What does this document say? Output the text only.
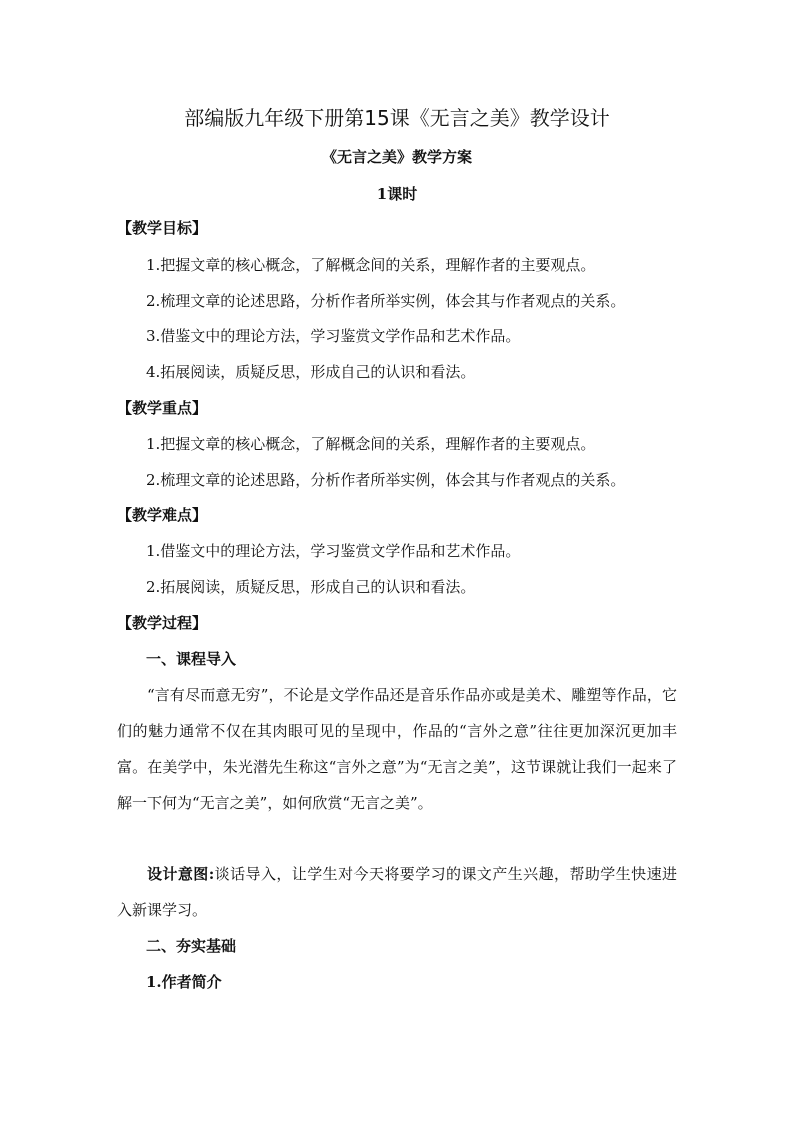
部编版九年级下册第15课《无言之美》教学设计
《无言之美》教学方案
1课时
【教学目标】
1.把握文章的核心概念，了解概念间的关系，理解作者的主要观点。
2.梳理文章的论述思路，分析作者所举实例，体会其与作者观点的关系。
3.借鉴文中的理论方法，学习鉴赏文学作品和艺术作品。
4.拓展阅读，质疑反思，形成自己的认识和看法。
【教学重点】
1.把握文章的核心概念，了解概念间的关系，理解作者的主要观点。
2.梳理文章的论述思路，分析作者所举实例，体会其与作者观点的关系。
【教学难点】
1.借鉴文中的理论方法，学习鉴赏文学作品和艺术作品。
2.拓展阅读，质疑反思，形成自己的认识和看法。
【教学过程】
一、课程导入
“言有尽而意无穷”，不论是文学作品还是音乐作品亦或是美术、雕塑等作品，它们的魅力通常不仅在其肉眼可见的呈现中，作品的“言外之意”往往更加深沉更加丰富。在美学中，朱光潜先生称这“言外之意”为“无言之美”，这节课就让我们一起来了解一下何为“无言之美”，如何欣赏“无言之美”。
设计意图:谈话导入，让学生对今天将要学习的课文产生兴趣，帮助学生快速进入新课学习。
二、夯实基础
1.作者简介
